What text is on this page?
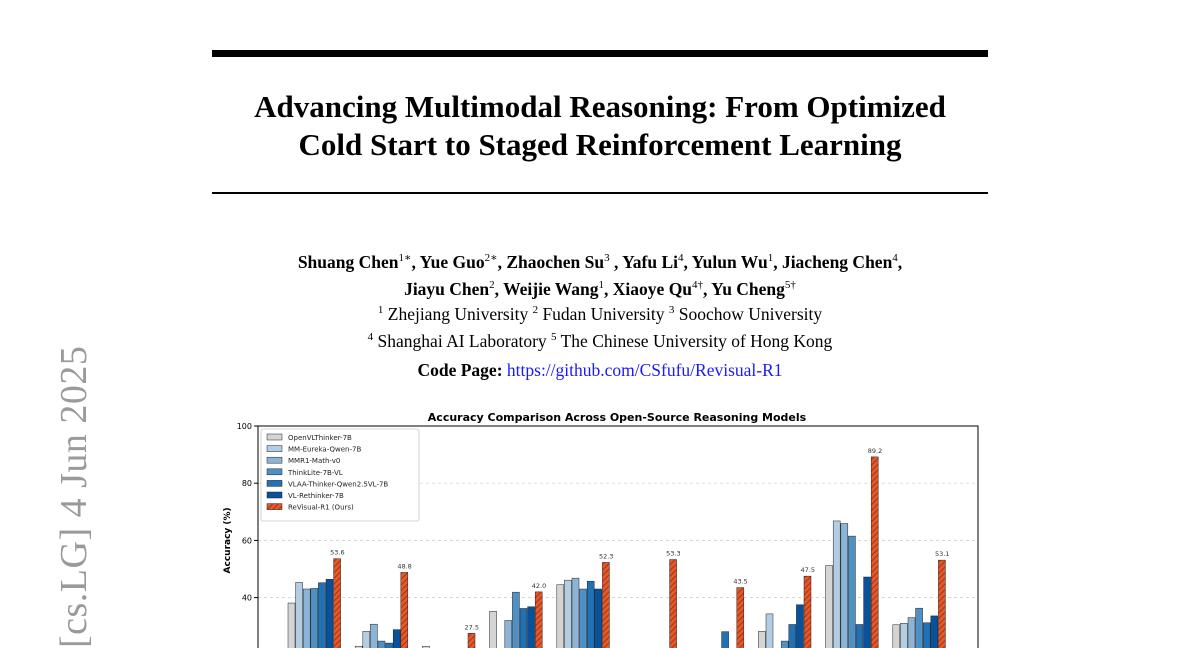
Advancing Multimodal Reasoning: From Optimized
Cold Start to Staged Reinforcement Learning
Shuang Chen$^{1∗}$, Yue Guo$^{2∗}$, Zhaochen Su$^3$ , Yafu Li$^4$, Yulun Wu$^1$, Jiacheng Chen$^4$,
Jiayu Chen$^2$, Weijie Wang$^1$, Xiaoye $Qu^{4\dagger}$, Yu Cheng$^{5\dagger}$
$^1$ Zhejiang University $^2$ Fudan University $^3$ Soochow University
$^4$ Shanghai AI Laboratory $^5$ The Chinese University of Hong Kong
Code Page: https://github.com/CSfufu/Revisual-R1
[cs.LG] 4 Jun 2025	Accuracy Comparison Across Open-Source Reasoning Models
Accuracy (%)	53.6
48.8
27.5
42.0
52.3	53.3
43.5
47.5
89.2
53.1
40
60
80
100
OpenVLThinker-7B
MM-Eureka-Qwen-7B
MMR1-Math-v0
ThinkLite-7B-VL
VLAA-Thinker-Qwen2.5VL-7B
VL-Rethinker-7B
ReVisual-R1 (Ours)
